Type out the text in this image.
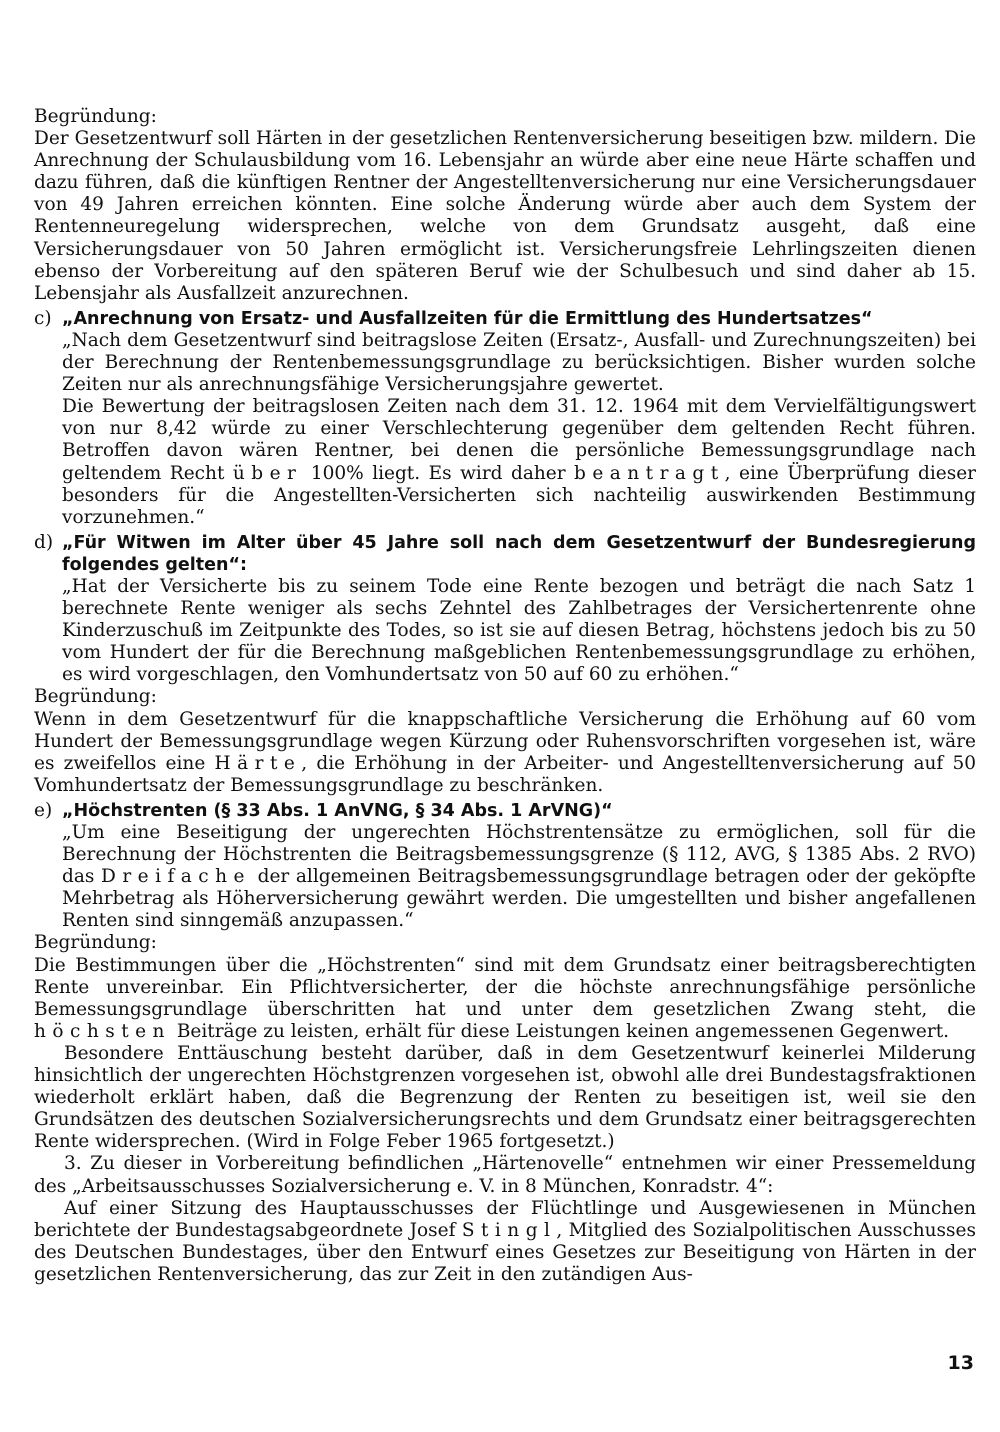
Begründung:

Der Gesetzentwurf soll Härten in der gesetzlichen Rentenversicherung beseitigen bzw. mildern. Die Anrechnung der Schulausbildung vom 16. Lebensjahr an würde aber eine neue Härte schaffen und dazu führen, daß die künftigen Rentner der Angestelltenversicherung nur eine Versicherungsdauer von 49 Jahren erreichen könnten. Eine solche Änderung würde aber auch dem System der Rentenneuregelung widersprechen, welche von dem Grundsatz ausgeht, daß eine Versicherungsdauer von 50 Jahren ermöglicht ist. Versicherungsfreie Lehrlingszeiten dienen ebenso der Vorbereitung auf den späteren Beruf wie der Schulbesuch und sind daher ab 15. Lebensjahr als Ausfallzeit anzurechnen.

c) „Anrechnung von Ersatz- und Ausfallzeiten für die Ermittlung des Hundertsatzes“
„Nach dem Gesetzentwurf sind beitragslose Zeiten (Ersatz-, Ausfall- und Zurechnungszeiten) bei der Berechnung der Rentenbemessungsgrundlage zu berücksichtigen. Bisher wurden solche Zeiten nur als anrechnungsfähige Versicherungsjahre gewertet.
Die Bewertung der beitragslosen Zeiten nach dem 31. 12. 1964 mit dem Vervielfältigungswert von nur 8,42 würde zu einer Verschlechterung gegenüber dem geltenden Recht führen. Betroffen davon wären Rentner, bei denen die persönliche Bemessungsgrundlage nach geltendem Recht über 100% liegt. Es wird daher beantragt, eine Überprüfung dieser besonders für die Angestellten-Versicherten sich nachteilig auswirkenden Bestimmung vorzunehmen.“
d) „Für Witwen im Alter über 45 Jahre soll nach dem Gesetzentwurf der Bundesregierung folgendes gelten“:
„Hat der Versicherte bis zu seinem Tode eine Rente bezogen und beträgt die nach Satz 1 berechnete Rente weniger als sechs Zehntel des Zahlbetrages der Versichertenrente ohne Kinderzuschuß im Zeitpunkte des Todes, so ist sie auf diesen Betrag, höchstens jedoch bis zu 50 vom Hundert der für die Berechnung maßgeblichen Rentenbemessungsgrundlage zu erhöhen, es wird vorgeschlagen, den Vomhundertsatz von 50 auf 60 zu erhöhen.“

Begründung:

Wenn in dem Gesetzentwurf für die knappschaftliche Versicherung die Erhöhung auf 60 vom Hundert der Bemessungsgrundlage wegen Kürzung oder Ruhensvorschriften vorgesehen ist, wäre es zweifellos eine Härte, die Erhöhung in der Arbeiter- und Angestelltenversicherung auf 50 Vomhundertsatz der Bemessungsgrundlage zu beschränken.

e) „Höchstrenten (§ 33 Abs. 1 AnVNG, § 34 Abs. 1 ArVNG)“
„Um eine Beseitigung der ungerechten Höchstrentensätze zu ermöglichen, soll für die Berechnung der Höchstrenten die Beitragsbemessungsgrenze (§ 112, AVG, § 1385 Abs. 2 RVO) das Dreifache der allgemeinen Beitragsbemessungsgrundlage betragen oder der geköpfte Mehrbetrag als Höherversicherung gewährt werden. Die umgestellten und bisher angefallenen Renten sind sinngemäß anzupassen.“

Begründung:

Die Bestimmungen über die „Höchstrenten“ sind mit dem Grundsatz einer beitragsberechtigten Rente unvereinbar. Ein Pflichtversicherter, der die höchste anrechnungsfähige persönliche Bemessungsgrundlage überschritten hat und unter dem gesetzlichen Zwang steht, die höchsten Beiträge zu leisten, erhält für diese Leistungen keinen angemessenen Gegenwert.

Besondere Enttäuschung besteht darüber, daß in dem Gesetzentwurf keinerlei Milderung hinsichtlich der ungerechten Höchstgrenzen vorgesehen ist, obwohl alle drei Bundestagsfraktionen wiederholt erklärt haben, daß die Begrenzung der Renten zu beseitigen ist, weil sie den Grundsätzen des deutschen Sozialversicherungsrechts und dem Grundsatz einer beitragsgerechten Rente widersprechen. (Wird in Folge Feber 1965 fortgesetzt.)

3. Zu dieser in Vorbereitung befindlichen „Härtenovelle“ entnehmen wir einer Pressemeldung des „Arbeitsausschusses Sozialversicherung e. V. in 8 München, Konradstr. 4“:

Auf einer Sitzung des Hauptausschusses der Flüchtlinge und Ausgewiesenen in München berichtete der Bundestagsabgeordnete Josef Stingl, Mitglied des Sozialpolitischen Ausschusses des Deutschen Bundestages, über den Entwurf eines Gesetzes zur Beseitigung von Härten in der gesetzlichen Rentenversicherung, das zur Zeit in den zutändigen Aus-

13
